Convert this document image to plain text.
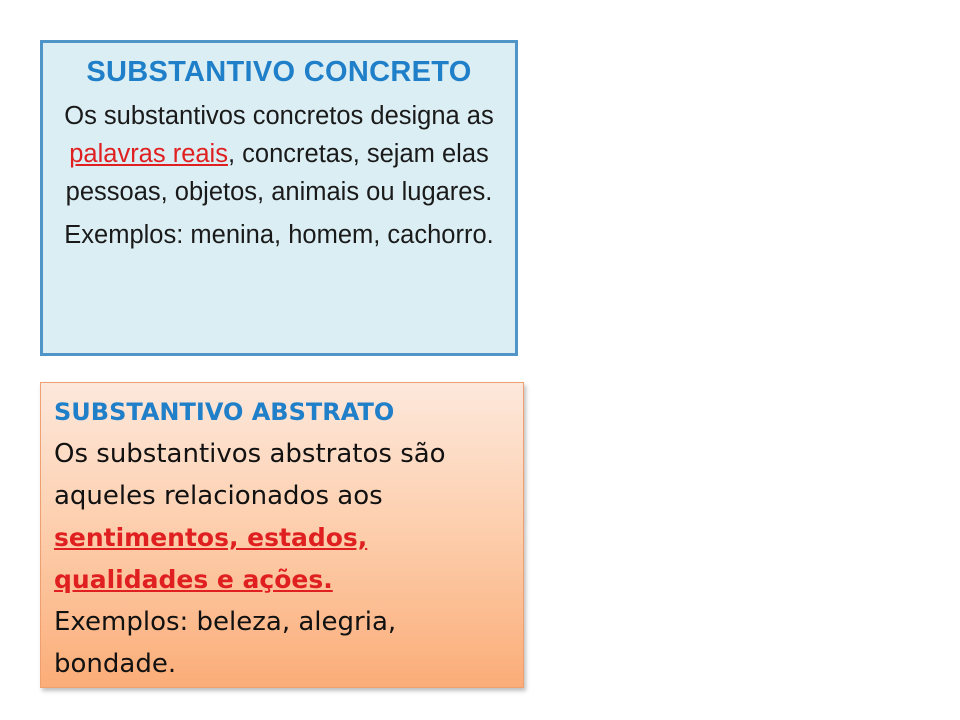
SUBSTANTIVO CONCRETO
Os substantivos concretos designa as palavras reais, concretas, sejam elas pessoas, objetos, animais ou lugares.
Exemplos: menina, homem, cachorro.
SUBSTANTIVO ABSTRATO
Os substantivos abstratos são
aqueles relacionados aos
sentimentos, estados,
qualidades e ações.
Exemplos: beleza, alegria,
bondade.
